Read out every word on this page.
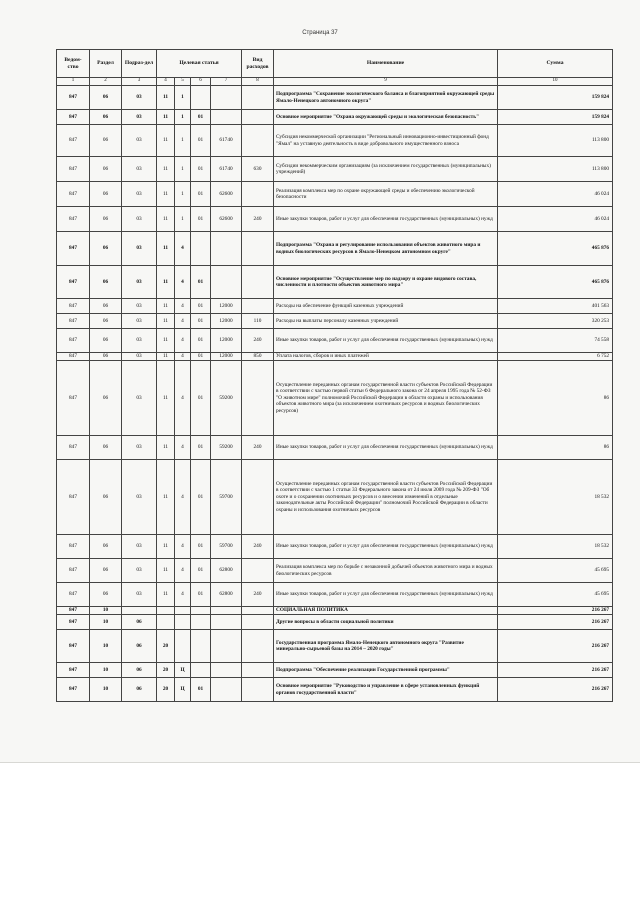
Страница 37
Ведом-ство	Раздел	Подраз-дел	Целевая статья				Вид расходов	Наименование	Сумма
1	2	3	4	5	6	7	8	9	10
847	06	03	11	1				Подпрограмма "Сохранение экологического баланса и благоприятной окружающей среды Ямало-Ненецкого автономного округа"	159 824
847	06	03	11	1	01			Основное мероприятие "Охрана окружающей среды и экологическая безопасность"	159 824
847	06	03	11	1	01	61740		Субсидия некоммерческой организации "Региональный инновационно-инвестиционный фонд "Ямал" на уставную деятельность в виде добровольного имущественного взноса	113 800
847	06	03	11	1	01	61740	630	Субсидии некоммерческим организациям (за исключением государственных (муниципальных) учреждений)	113 800
847	06	03	11	1	01	62600		Реализация комплекса мер по охране окружающей среды и обеспечению экологической безопасности	46 024
847	06	03	11	1	01	62600	240	Иные закупки товаров, работ и услуг для обеспечения государственных (муниципальных) нужд	46 024
847	06	03	11	4				Подпрограмма "Охрана и регулирование использования объектов животного мира и водных биологических ресурсов в Ямало-Ненецком автономном округе"	465 876
847	06	03	11	4	01			Основное мероприятие "Осуществление мер по надзору и охране видового состава, численности и плотности объектов животного мира"	465 876
847	06	03	11	4	01	12000		Расходы на обеспечение функций казенных учреждений	401 563
847	06	03	11	4	01	12000	110	Расходы на выплаты персоналу казенных учреждений	320 253
847	06	03	11	4	01	12000	240	Иные закупки товаров, работ и услуг для обеспечения государственных (муниципальных) нужд	74 558
847	06	03	11	4	01	12000	850	Уплата налогов, сборов и иных платежей	6 752
847	06	03	11	4	01	59200		Осуществление переданных органам государственной власти субъектов Российской Федерации в соответствии с частью первой статьи 6 Федерального закона от 24 апреля 1995 года № 52-ФЗ "О животном мире" полномочий Российской Федерации в области охраны и использования объектов животного мира (за исключением охотничьих ресурсов и водных биологических ресурсов)	86
847	06	03	11	4	01	59200	240	Иные закупки товаров, работ и услуг для обеспечения государственных (муниципальных) нужд	86
847	06	03	11	4	01	59700		Осуществление переданных органам государственной власти субъектов Российской Федерации в соответствии с частью 1 статьи 33 Федерального закона от 24 июля 2009 года № 209-ФЗ "Об охоте и о сохранении охотничьих ресурсов и о внесении изменений в отдельные законодательные акты Российской Федерации" полномочий Российской Федерации в области охраны и использования охотничьих ресурсов	18 532
847	06	03	11	4	01	59700	240	Иные закупки товаров, работ и услуг для обеспечения государственных (муниципальных) нужд	18 532
847	06	03	11	4	01	62800		Реализация комплекса мер по борьбе с незаконной добычей объектов животного мира и водных биологических ресурсов	45 695
847	06	03	11	4	01	62800	240	Иные закупки товаров, работ и услуг для обеспечения государственных (муниципальных) нужд	45 695
847	10							СОЦИАЛЬНАЯ ПОЛИТИКА	216 267
847	10	06						Другие вопросы в области социальной политики	216 267
847	10	06	20					Государственная программа Ямало-Ненецкого автономного округа "Развитие минерально-сырьевой базы на 2014 – 2020 годы"	216 267
847	10	06	20	Ц				Подпрограмма "Обеспечение реализации Государственной программы"	216 267
847	10	06	20	Ц	01			Основное мероприятие "Руководство и управление в сфере установленных функций органов государственной власти"	216 267
